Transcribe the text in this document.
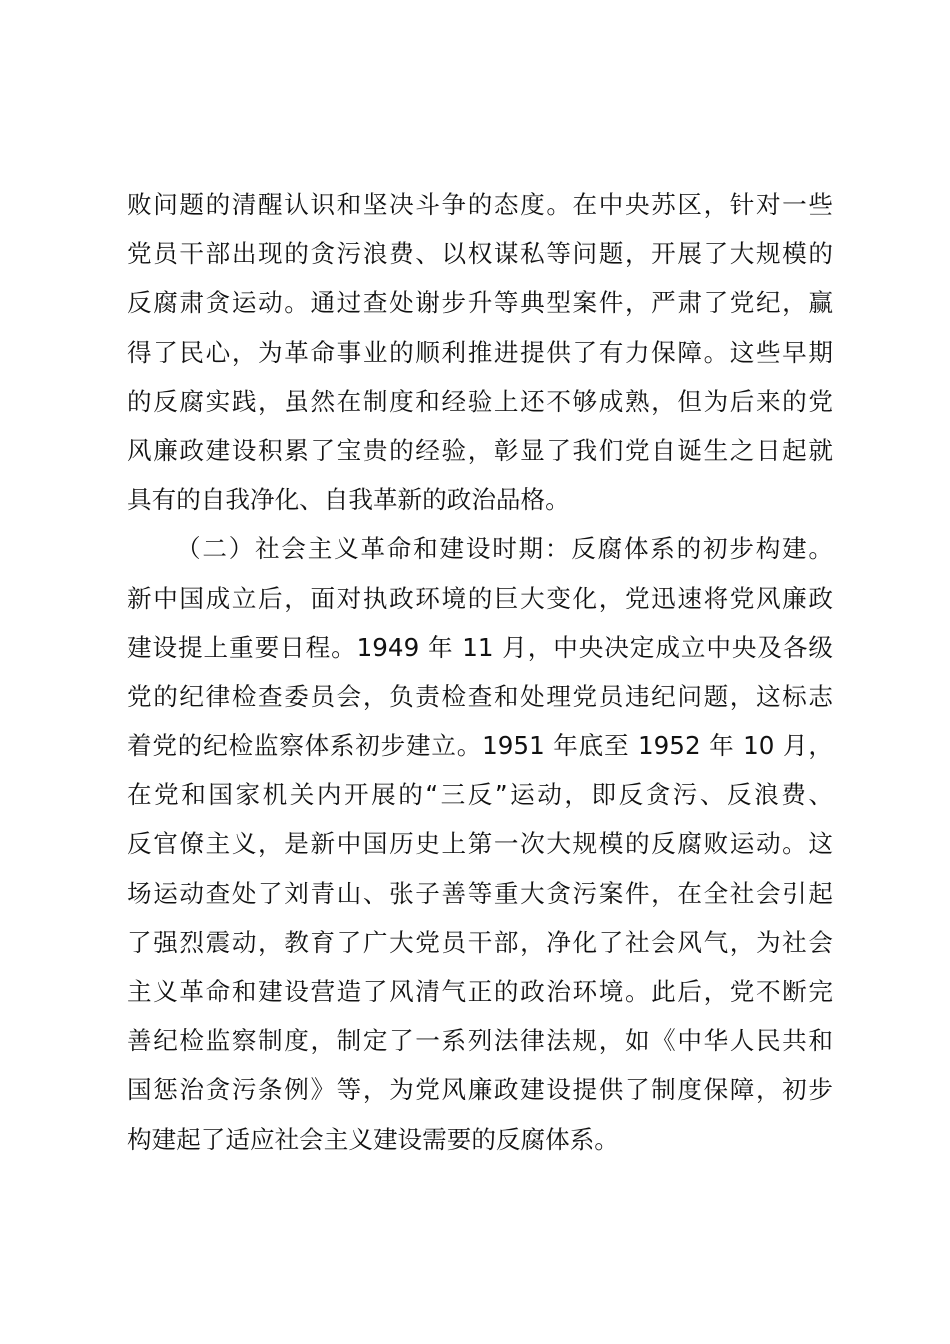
败问题的清醒认识和坚决斗争的态度。在中央苏区，针对一些
党员干部出现的贪污浪费、以权谋私等问题，开展了大规模的
反腐肃贪运动。通过查处谢步升等典型案件，严肃了党纪，赢
得了民心，为革命事业的顺利推进提供了有力保障。这些早期
的反腐实践，虽然在制度和经验上还不够成熟，但为后来的党
风廉政建设积累了宝贵的经验，彰显了我们党自诞生之日起就
具有的自我净化、自我革新的政治品格。
（二）社会主义革命和建设时期：反腐体系的初步构建。
新中国成立后，面对执政环境的巨大变化，党迅速将党风廉政
建设提上重要日程。1949 年 11 月，中央决定成立中央及各级
党的纪律检查委员会，负责检查和处理党员违纪问题，这标志
着党的纪检监察体系初步建立。1951 年底至 1952 年 10 月，
在党和国家机关内开展的“三反”运动，即反贪污、反浪费、
反官僚主义，是新中国历史上第一次大规模的反腐败运动。这
场运动查处了刘青山、张子善等重大贪污案件，在全社会引起
了强烈震动，教育了广大党员干部，净化了社会风气，为社会
主义革命和建设营造了风清气正的政治环境。此后，党不断完
善纪检监察制度，制定了一系列法律法规，如《中华人民共和
国惩治贪污条例》等，为党风廉政建设提供了制度保障，初步
构建起了适应社会主义建设需要的反腐体系。
